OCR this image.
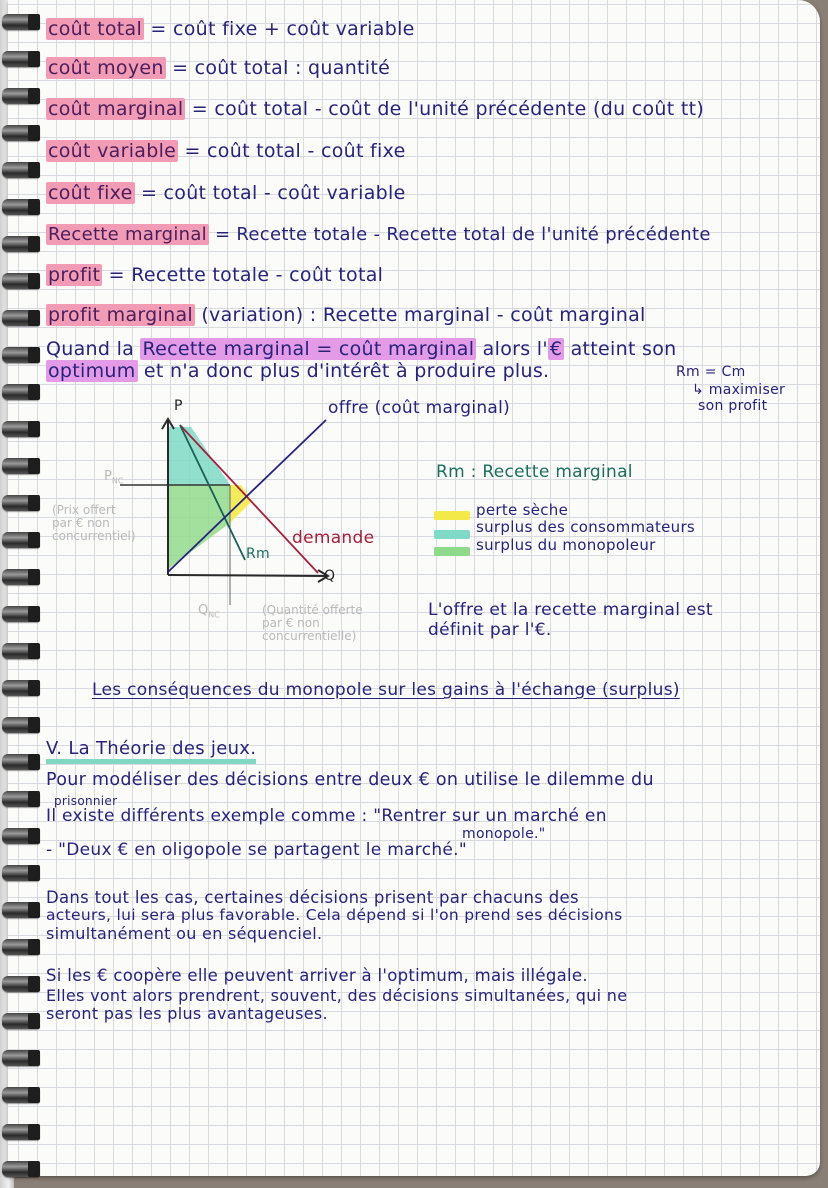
coût total = coût fixe + coût variable
coût moyen = coût total : quantité
coût marginal = coût total - coût de l'unité précédente (du coût tt)
coût variable = coût total - coût fixe
coût fixe = coût total - coût variable
Recette marginal = Recette totale - Recette total de l'unité précédente
profit = Recette totale - coût total
profit marginal (variation) : Recette marginal - coût marginal
Quand la Recette marginal = coût marginal alors l' € atteint son
optimum et n'a donc plus d'intérêt à produire plus.	Rm = Cm
↳ maximiser
son profit
P
Q
offre (coût marginal)
demande
Rm
$P_{NC}$
(Prix offert
par € non
concurrentiel)
$Q_{NC}$	(Quantité offerte
par € non
concurrentielle)
Rm : Recette marginal
perte sèche
surplus des consommateurs
surplus du monopoleur
L'offre et la recette marginal est
définit par l'€.
Les conséquences du monopole sur les gains à l'échange (surplus)
V. La Théorie des jeux.
Pour modéliser des décisions entre deux € on utilise le dilemme du
prisonnier
Il existe différents exemple comme : "Rentrer sur un marché en
monopole."
- "Deux € en oligopole se partagent le marché."
Dans tout les cas, certaines décisions prisent par chacuns des
acteurs, lui sera plus favorable. Cela dépend si l'on prend ses décisions
simultanément ou en séquenciel.
Si les € coopère elle peuvent arriver à l'optimum, mais illégale.
Elles vont alors prendrent, souvent, des décisions simultanées, qui ne
seront pas les plus avantageuses.
